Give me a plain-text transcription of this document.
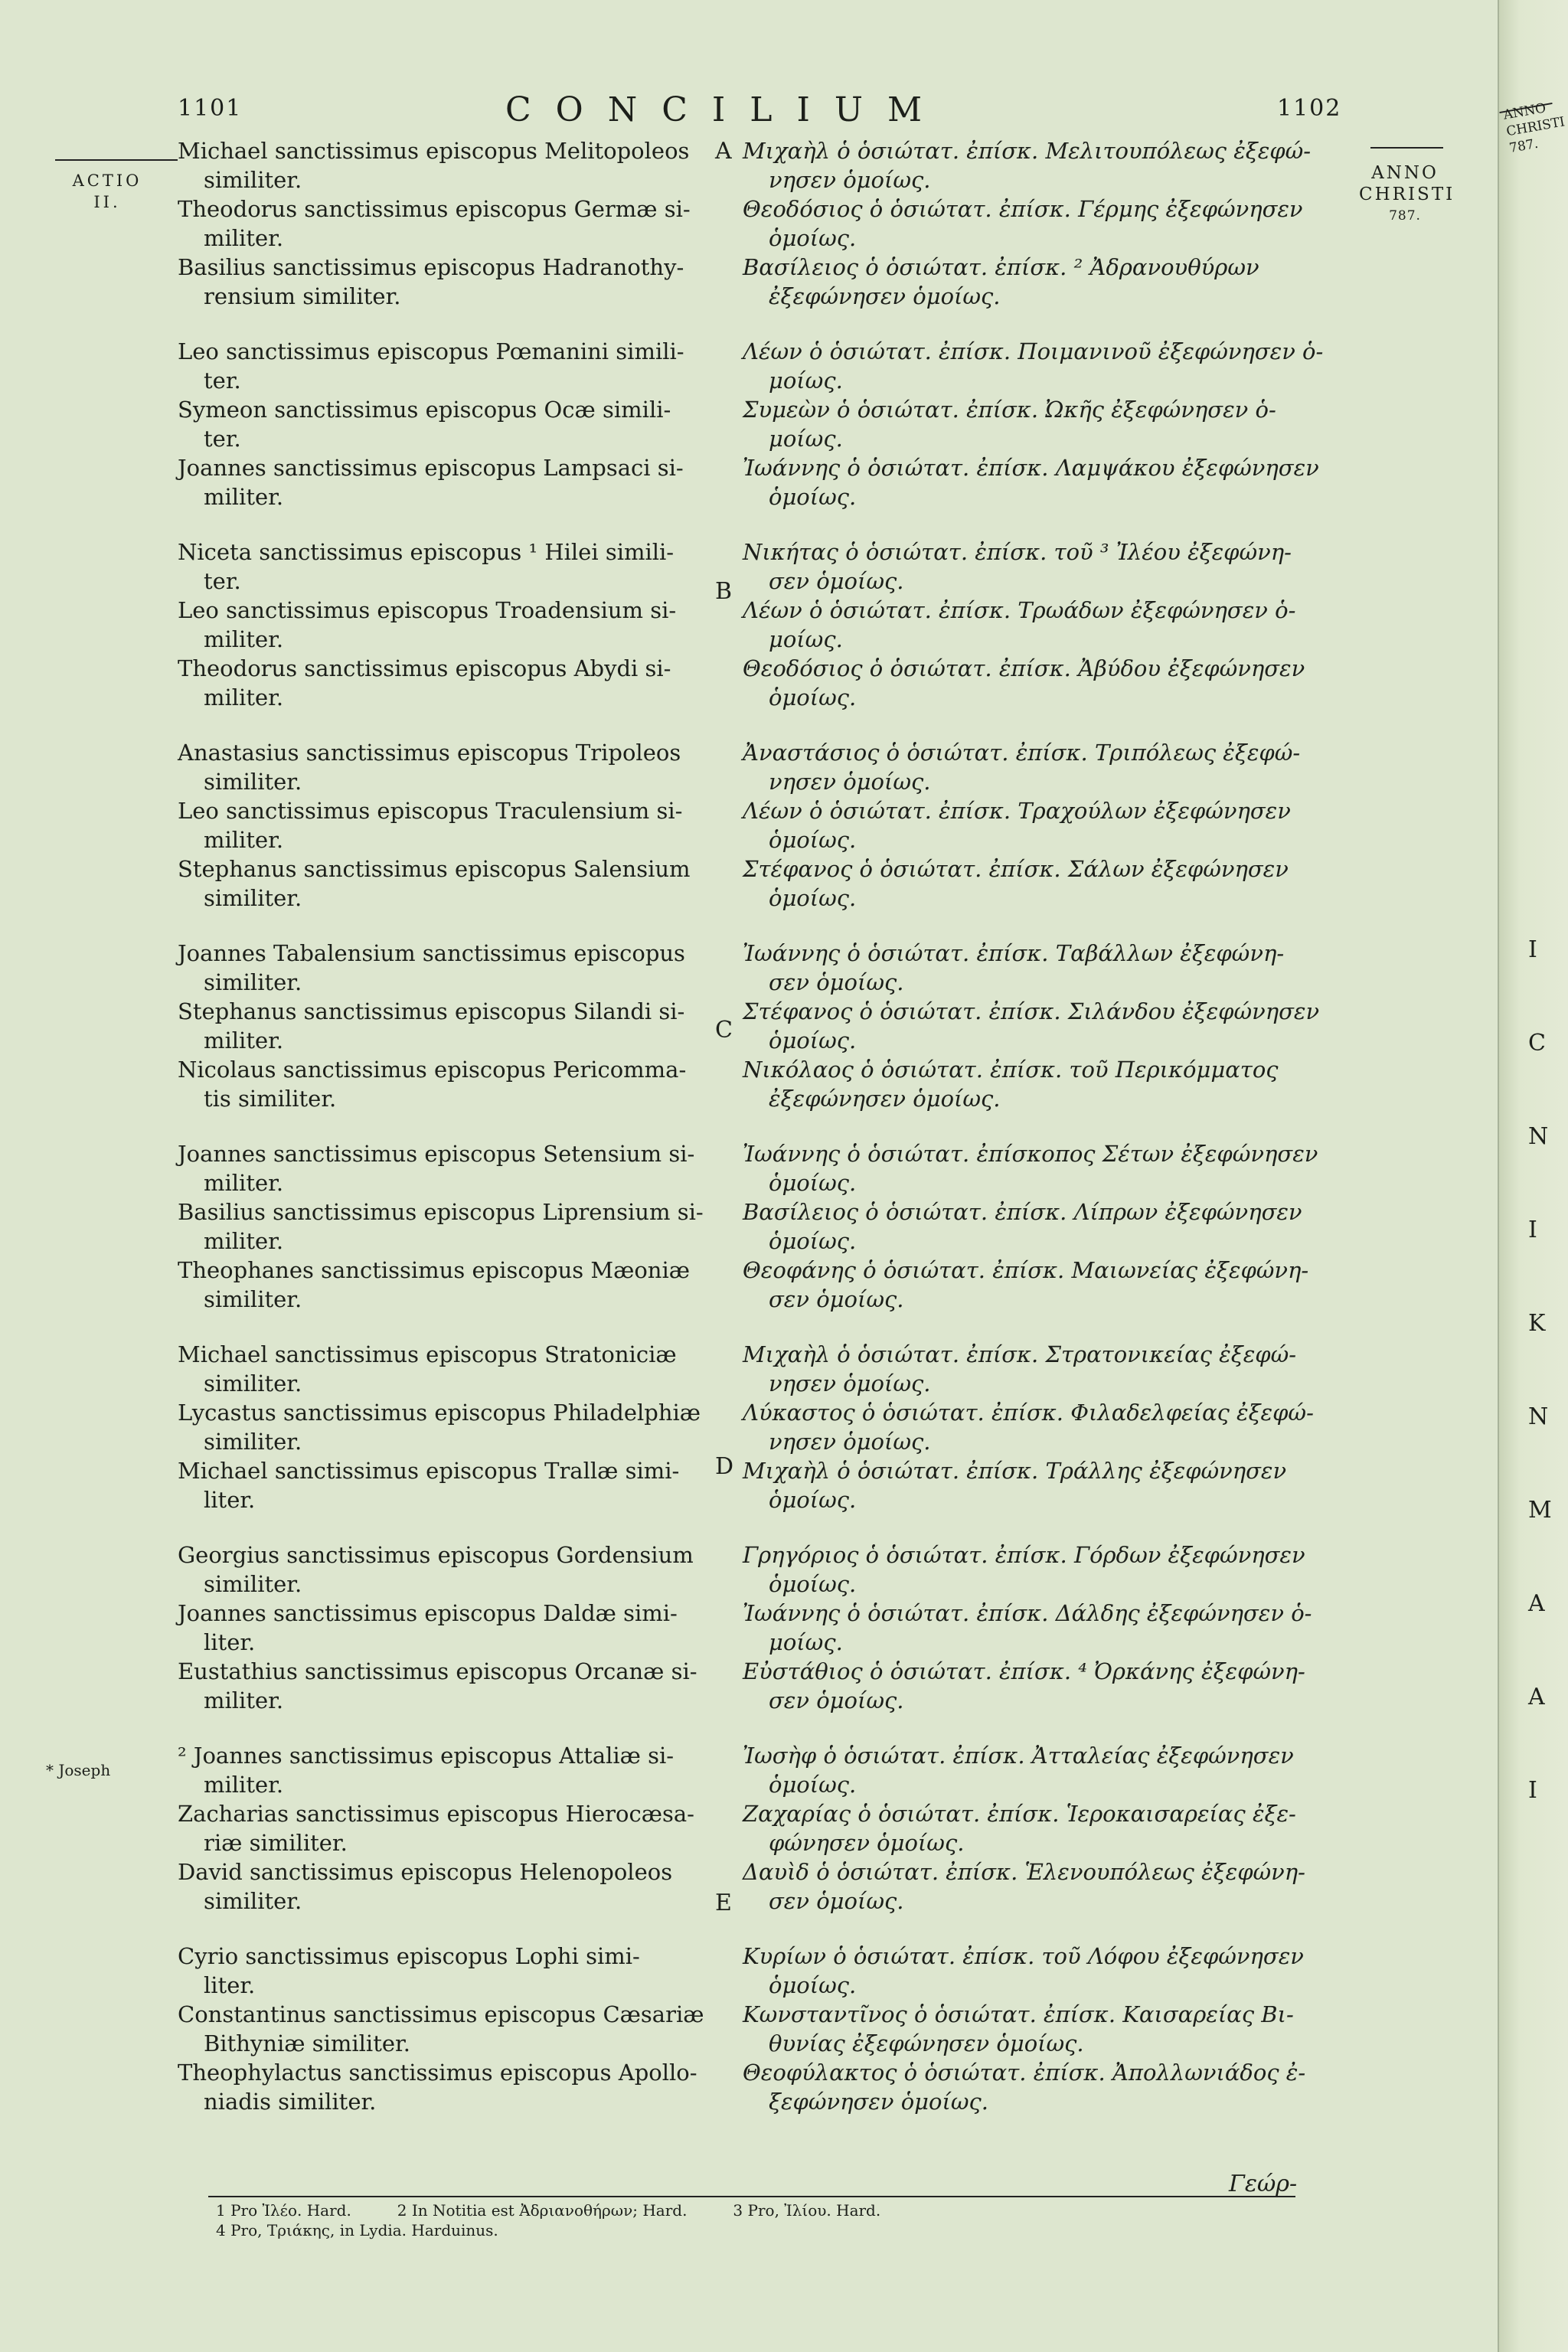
ANNO
CHRISTI
787.
I
C
N
I
K
N
M
A
A
I
1101	CONCILIUM	1102
ACTIO
II.
ANNO
CHRISTI
787.
* Joseph
Michael sanctissimus episcopus Melitopoleos
similiter.
Theodorus sanctissimus episcopus Germæ si-
militer.
Basilius sanctissimus episcopus Hadranothy-
rensium similiter.
Leo sanctissimus episcopus Pœmanini simili-
ter.
Symeon sanctissimus episcopus Ocæ simili-
ter.
Joannes sanctissimus episcopus Lampsaci si-
militer.
Niceta sanctissimus episcopus ¹ Hilei simili-
ter.
Leo sanctissimus episcopus Troadensium si-
militer.
Theodorus sanctissimus episcopus Abydi si-
militer.
Anastasius sanctissimus episcopus Tripoleos
similiter.
Leo sanctissimus episcopus Traculensium si-
militer.
Stephanus sanctissimus episcopus Salensium
similiter.
Joannes Tabalensium sanctissimus episcopus
similiter.
Stephanus sanctissimus episcopus Silandi si-
militer.
Nicolaus sanctissimus episcopus Pericomma-
tis similiter.
Joannes sanctissimus episcopus Setensium si-
militer.
Basilius sanctissimus episcopus Liprensium si-
militer.
Theophanes sanctissimus episcopus Mæoniæ
similiter.
Michael sanctissimus episcopus Stratoniciæ
similiter.
Lycastus sanctissimus episcopus Philadelphiæ
similiter.
Michael sanctissimus episcopus Trallæ simi-
liter.
Georgius sanctissimus episcopus Gordensium
similiter.
Joannes sanctissimus episcopus Daldæ simi-
liter.
Eustathius sanctissimus episcopus Orcanæ si-
militer.
² Joannes sanctissimus episcopus Attaliæ si-
militer.
Zacharias sanctissimus episcopus Hierocæsa-
riæ similiter.
David sanctissimus episcopus Helenopoleos
similiter.
Cyrio sanctissimus episcopus Lophi simi-
liter.
Constantinus sanctissimus episcopus Cæsariæ
Bithyniæ similiter.
Theophylactus sanctissimus episcopus Apollo-
niadis similiter.
Μιχαὴλ ὁ ὁσιώτατ. ἐπίσκ. Μελιτουπόλεως ἐξεφώ-
νησεν ὁμοίως.
Θεοδόσιος ὁ ὁσιώτατ. ἐπίσκ. Γέρμης ἐξεφώνησεν
ὁμοίως.
Βασίλειος ὁ ὁσιώτατ. ἐπίσκ. ² Ἀδρανουθύρων
ἐξεφώνησεν ὁμοίως.
Λέων ὁ ὁσιώτατ. ἐπίσκ. Ποιμανινοῦ ἐξεφώνησεν ὁ-
μοίως.
Συμεὼν ὁ ὁσιώτατ. ἐπίσκ. Ὠκῆς ἐξεφώνησεν ὁ-
μοίως.
Ἰωάννης ὁ ὁσιώτατ. ἐπίσκ. Λαμψάκου ἐξεφώνησεν
ὁμοίως.
Νικήτας ὁ ὁσιώτατ. ἐπίσκ. τοῦ ³ Ἰλέου ἐξεφώνη-
σεν ὁμοίως.
Λέων ὁ ὁσιώτατ. ἐπίσκ. Τρωάδων ἐξεφώνησεν ὁ-
μοίως.
Θεοδόσιος ὁ ὁσιώτατ. ἐπίσκ. Ἀβύδου ἐξεφώνησεν
ὁμοίως.
Ἀναστάσιος ὁ ὁσιώτατ. ἐπίσκ. Τριπόλεως ἐξεφώ-
νησεν ὁμοίως.
Λέων ὁ ὁσιώτατ. ἐπίσκ. Τραχούλων ἐξεφώνησεν
ὁμοίως.
Στέφανος ὁ ὁσιώτατ. ἐπίσκ. Σάλων ἐξεφώνησεν
ὁμοίως.
Ἰωάννης ὁ ὁσιώτατ. ἐπίσκ. Ταβάλλων ἐξεφώνη-
σεν ὁμοίως.
Στέφανος ὁ ὁσιώτατ. ἐπίσκ. Σιλάνδου ἐξεφώνησεν
ὁμοίως.
Νικόλαος ὁ ὁσιώτατ. ἐπίσκ. τοῦ Περικόμματος
ἐξεφώνησεν ὁμοίως.
Ἰωάννης ὁ ὁσιώτατ. ἐπίσκοπος Σέτων ἐξεφώνησεν
ὁμοίως.
Βασίλειος ὁ ὁσιώτατ. ἐπίσκ. Λίπρων ἐξεφώνησεν
ὁμοίως.
Θεοφάνης ὁ ὁσιώτατ. ἐπίσκ. Μαιωνείας ἐξεφώνη-
σεν ὁμοίως.
Μιχαὴλ ὁ ὁσιώτατ. ἐπίσκ. Στρατονικείας ἐξεφώ-
νησεν ὁμοίως.
Λύκαστος ὁ ὁσιώτατ. ἐπίσκ. Φιλαδελφείας ἐξεφώ-
νησεν ὁμοίως.
Μιχαὴλ ὁ ὁσιώτατ. ἐπίσκ. Τράλλης ἐξεφώνησεν
ὁμοίως.
Γρηγόριος ὁ ὁσιώτατ. ἐπίσκ. Γόρδων ἐξεφώνησεν
ὁμοίως.
Ἰωάννης ὁ ὁσιώτατ. ἐπίσκ. Δάλδης ἐξεφώνησεν ὁ-
μοίως.
Εὐστάθιος ὁ ὁσιώτατ. ἐπίσκ. ⁴ Ὀρκάνης ἐξεφώνη-
σεν ὁμοίως.
Ἰωσὴφ ὁ ὁσιώτατ. ἐπίσκ. Ἀτταλείας ἐξεφώνησεν
ὁμοίως.
Ζαχαρίας ὁ ὁσιώτατ. ἐπίσκ. Ἱεροκαισαρείας ἐξε-
φώνησεν ὁμοίως.
Δαυὶδ ὁ ὁσιώτατ. ἐπίσκ. Ἑλενουπόλεως ἐξεφώνη-
σεν ὁμοίως.
Κυρίων ὁ ὁσιώτατ. ἐπίσκ. τοῦ Λόφου ἐξεφώνησεν
ὁμοίως.
Κωνσταντῖνος ὁ ὁσιώτατ. ἐπίσκ. Καισαρείας Βι-
θυνίας ἐξεφώνησεν ὁμοίως.
Θεοφύλακτος ὁ ὁσιώτατ. ἐπίσκ. Ἀπολλωνιάδος ἐ-
ξεφώνησεν ὁμοίως.
A
B
C
D
E
Γεώρ-
1 Pro Ἰλέο. Hard.	2 In Notitia est Ἀδριανοθήρων; Hard.	3 Pro, Ἰλίου. Hard.
4 Pro, Τριάκης, in Lydia. Harduinus.
